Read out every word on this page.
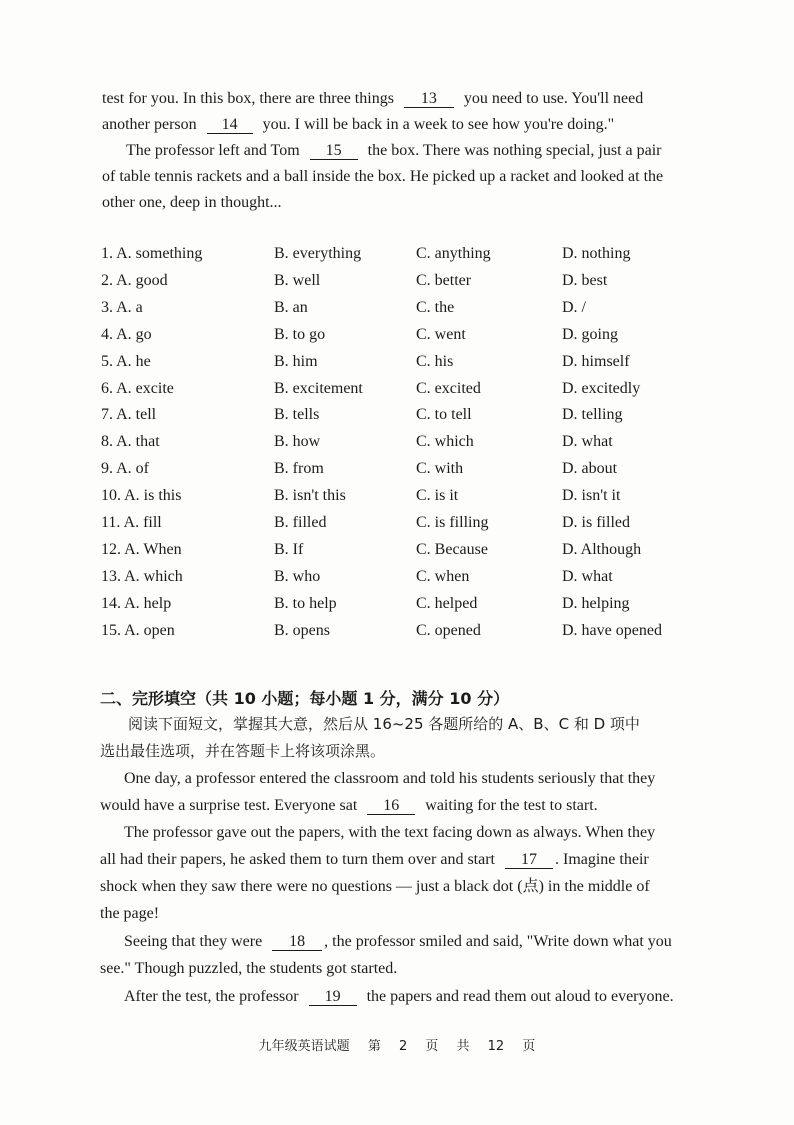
test for you. In this box, there are three things 13 you need to use. You'll need
another person 14 you. I will be back in a week to see how you're doing."
The professor left and Tom 15 the box. There was nothing special, just a pair
of table tennis rackets and a ball inside the box. He picked up a racket and looked at the
other one, deep in thought...
1. A. something	B. everything	C. anything	D. nothing
2. A. good	B. well	C. better	D. best
3. A. a	B. an	C. the	D. /
4. A. go	B. to go	C. went	D. going
5. A. he	B. him	C. his	D. himself
6. A. excite	B. excitement	C. excited	D. excitedly
7. A. tell	B. tells	C. to tell	D. telling
8. A. that	B. how	C. which	D. what
9. A. of	B. from	C. with	D. about
10. A. is this	B. isn't this	C. is it	D. isn't it
11. A. fill	B. filled	C. is filling	D. is filled
12. A. When	B. If	C. Because	D. Although
13. A. which	B. who	C. when	D. what
14. A. help	B. to help	C. helped	D. helping
15. A. open	B. opens	C. opened	D. have opened
二、完形填空（共 10 小题；每小题 1 分，满分 10 分）
阅读下面短文，掌握其大意，然后从 16~25 各题所给的 A、B、C 和 D 项中
选出最佳选项，并在答题卡上将该项涂黑。
One day, a professor entered the classroom and told his students seriously that they
would have a surprise test. Everyone sat 16 waiting for the test to start.
The professor gave out the papers, with the text facing down as always. When they
all had their papers, he asked them to turn them over and start 17 . Imagine their
shock when they saw there were no questions — just a black dot (点) in the middle of
the page!
Seeing that they were 18 , the professor smiled and said, "Write down what you
see." Though puzzled, the students got started.
After the test, the professor 19 the papers and read them out aloud to everyone.
九年级英语试题 第 2 页 共 12 页
